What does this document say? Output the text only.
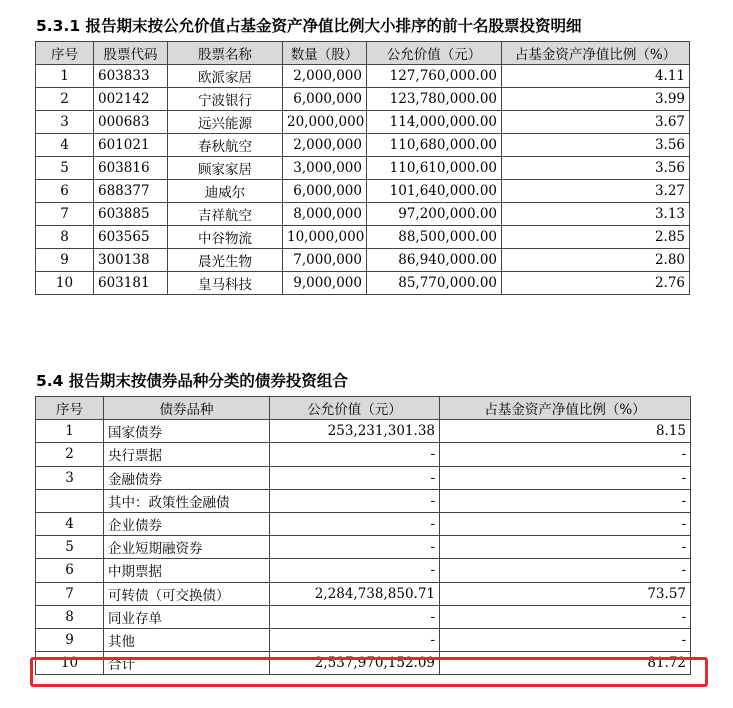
5.3.1 报告期末按公允价值占基金资产净值比例大小排序的前十名股票投资明细
序号	股票代码	股票名称	数量（股）	公允价值（元）	占基金资产净值比例（%）
1	603833	欧派家居	2,000,000	127,760,000.00	4.11
2	002142	宁波银行	6,000,000	123,780,000.00	3.99
3	000683	远兴能源	20,000,000	114,000,000.00	3.67
4	601021	春秋航空	2,000,000	110,680,000.00	3.56
5	603816	顾家家居	3,000,000	110,610,000.00	3.56
6	688377	迪威尔	6,000,000	101,640,000.00	3.27
7	603885	吉祥航空	8,000,000	97,200,000.00	3.13
8	603565	中谷物流	10,000,000	88,500,000.00	2.85
9	300138	晨光生物	7,000,000	86,940,000.00	2.80
10	603181	皇马科技	9,000,000	85,770,000.00	2.76
5.4 报告期末按债券品种分类的债券投资组合
序号	债券品种	公允价值（元）	占基金资产净值比例（%）
1	国家债券	253,231,301.38	8.15
2	央行票据	-	-
3	金融债券	-	-
	其中：政策性金融债	-	-
4	企业债券	-	-
5	企业短期融资券	-	-
6	中期票据	-	-
7	可转债（可交换债）	2,284,738,850.71	73.57
8	同业存单	-	-
9	其他	-	-
10	合计	2,537,970,152.09	81.72
